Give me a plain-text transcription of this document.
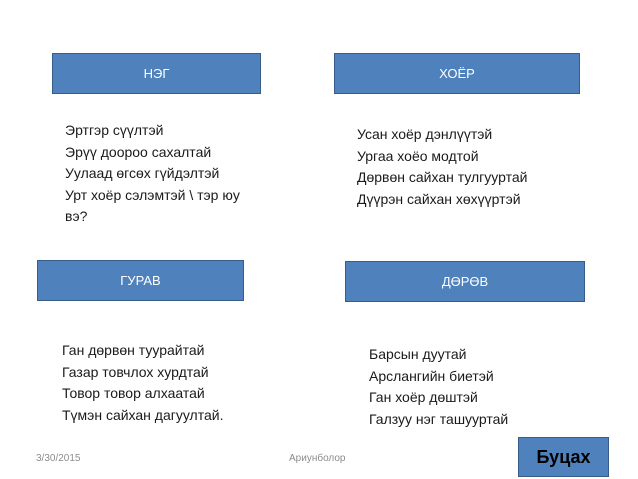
НЭГ	ХОЁР
ГУРАВ	ДӨРӨВ
Эртгэр сүүлтэй
Эрүү доороо сахалтай
Уулаад өгсөх гүйдэлтэй
Урт хоёр сэлэмтэй \ тэр юу вэ?
Усан хоёр дэнлүүтэй
Ургаа хоёо модтой
Дөрвөн сайхан тулгууртай
Дүүрэн сайхан хөхүүртэй
Ган дөрвөн туурайтай
Газар товчлох хурдтай
Товор товор алхаатай
Түмэн сайхан дагуултай.
Барсын дуутай
Арслангийн биетэй
Ган хоёр дөштэй
Галзуу нэг ташууртай
3/30/2015	Ариунболор	Буцах
